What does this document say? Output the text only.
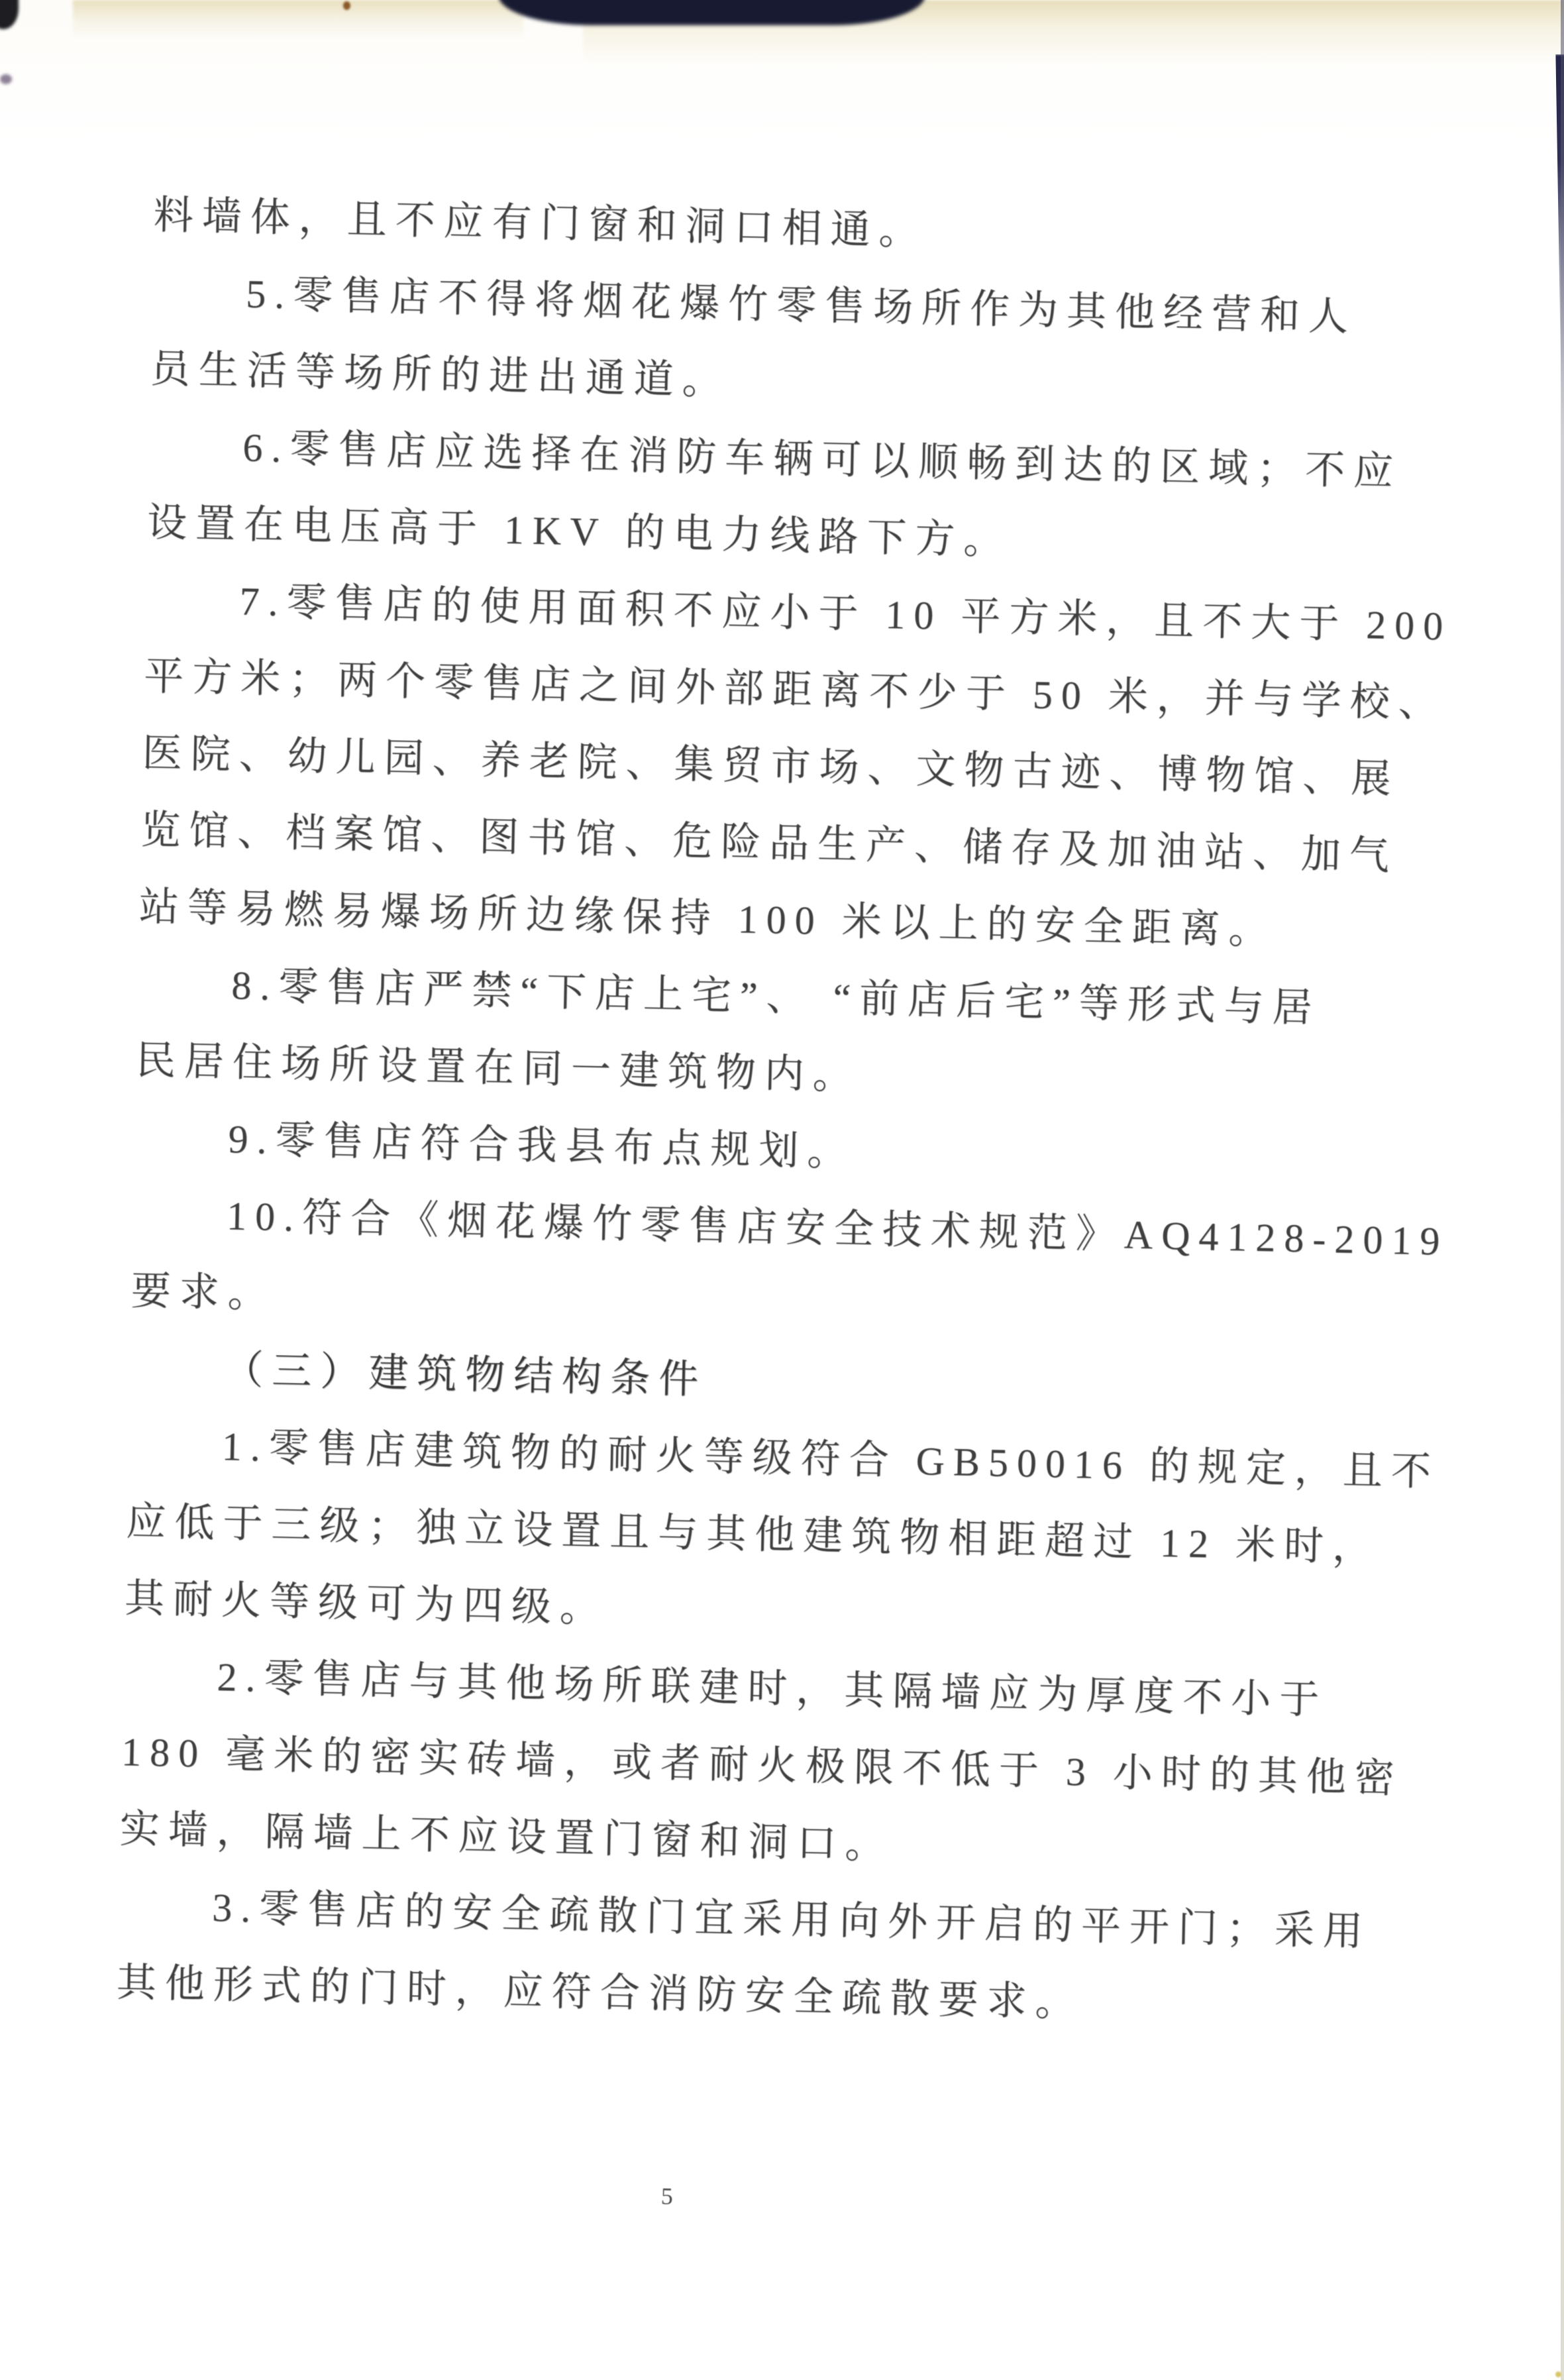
料墙体，且不应有门窗和洞口相通。
5.零售店不得将烟花爆竹零售场所作为其他经营和人
员生活等场所的进出通道。
6.零售店应选择在消防车辆可以顺畅到达的区域；不应
设置在电压高于 1KV 的电力线路下方。
7.零售店的使用面积不应小于 10 平方米，且不大于 200
平方米；两个零售店之间外部距离不少于 50 米，并与学校、
医院、幼儿园、养老院、集贸市场、文物古迹、博物馆、展
览馆、档案馆、图书馆、危险品生产、储存及加油站、加气
站等易燃易爆场所边缘保持 100 米以上的安全距离。
8.零售店严禁“下店上宅”、 “前店后宅”等形式与居
民居住场所设置在同一建筑物内。
9.零售店符合我县布点规划。
10.符合《烟花爆竹零售店安全技术规范》AQ4128-2019
要求。
（三）建筑物结构条件
1.零售店建筑物的耐火等级符合 GB50016 的规定，且不
应低于三级；独立设置且与其他建筑物相距超过 12 米时，
其耐火等级可为四级。
2.零售店与其他场所联建时，其隔墙应为厚度不小于
180 毫米的密实砖墙，或者耐火极限不低于 3 小时的其他密
实墙，隔墙上不应设置门窗和洞口。
3.零售店的安全疏散门宜采用向外开启的平开门；采用
其他形式的门时，应符合消防安全疏散要求。
5
